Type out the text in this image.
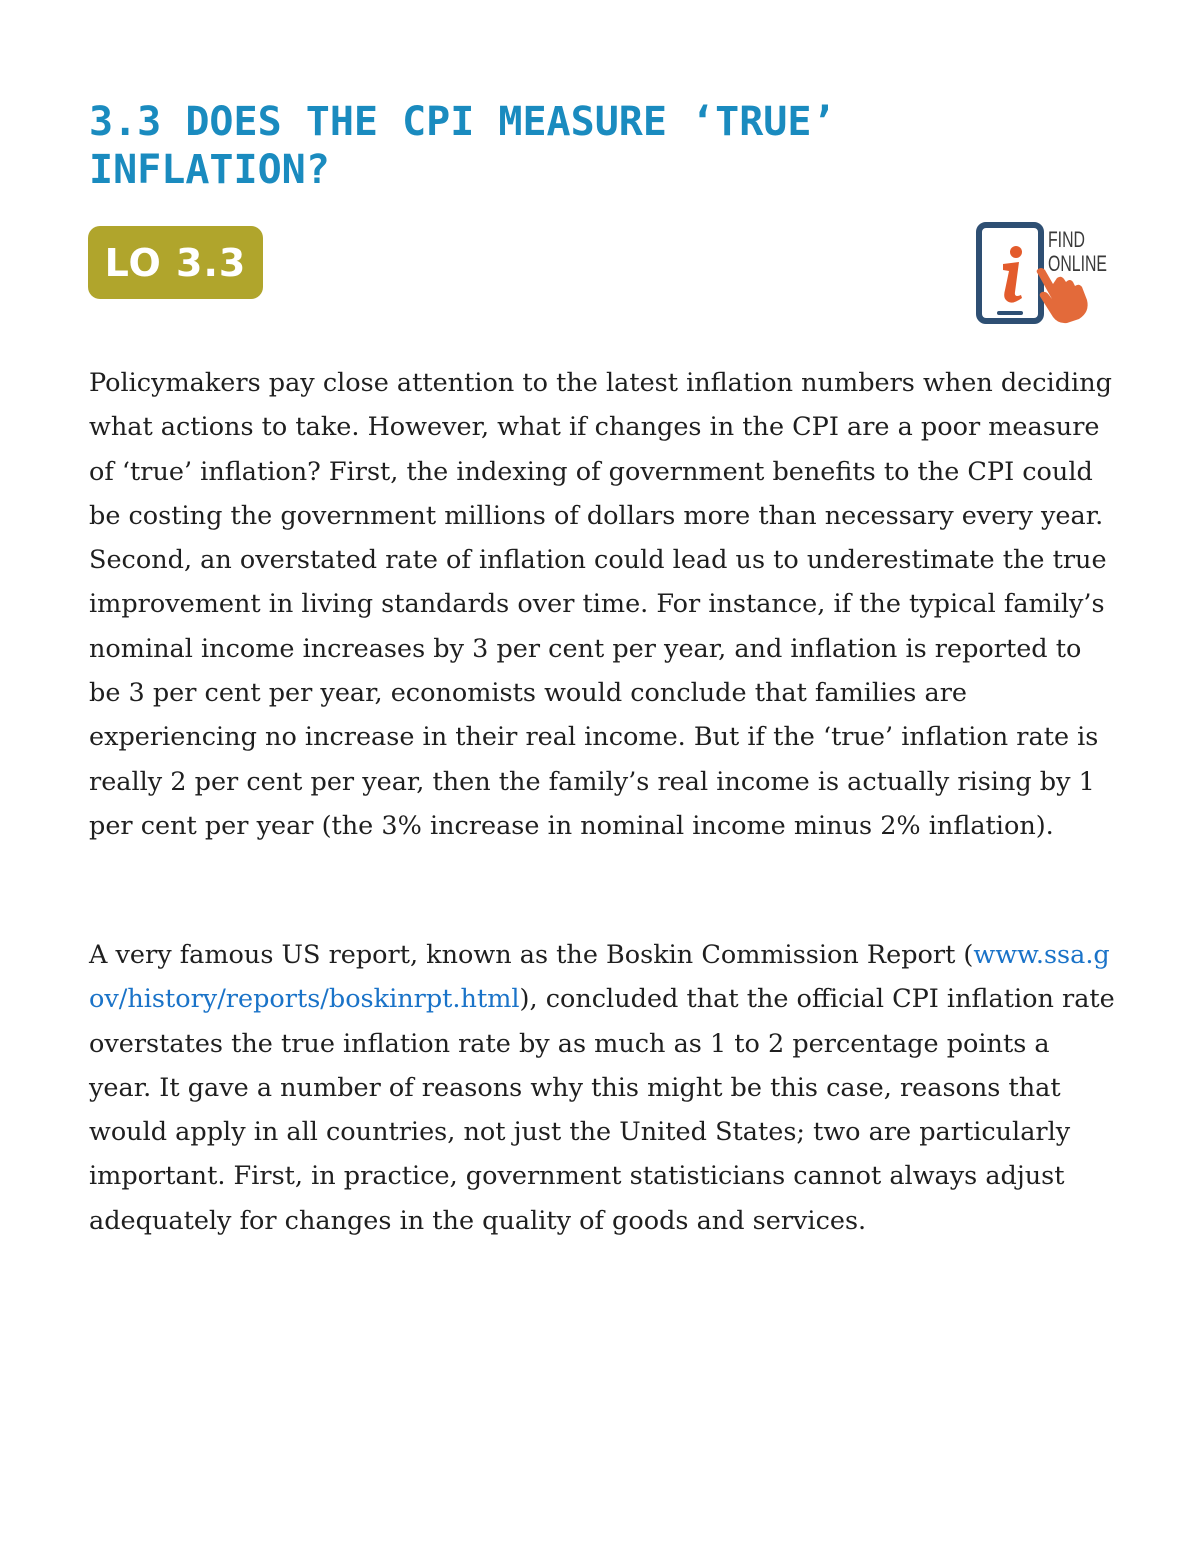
3.3 DOES THE CPI MEASURE ‘TRUE’ INFLATION?
LO 3.3
FIND
ONLINE

Policymakers pay close attention to the latest inflation numbers when deciding what actions to take. However, what if changes in the CPI are a poor measure of ‘true’ inflation? First, the indexing of government benefits to the CPI could be costing the government millions of dollars more than necessary every year. Second, an overstated rate of inflation could lead us to underestimate the true improvement in living standards over time. For instance, if the typical family’s nominal income increases by 3 per cent per year, and inflation is reported to be 3 per cent per year, economists would conclude that families are experiencing no increase in their real income. But if the ‘true’ inflation rate is really 2 per cent per year, then the family’s real income is actually rising by 1 per cent per year (the 3% increase in nominal income minus 2% inflation).

A very famous US report, known as the Boskin Commission Report (www.ssa.gov/history/reports/boskinrpt.html), concluded that the official CPI inflation rate overstates the true inflation rate by as much as 1 to 2 percentage points a year. It gave a number of reasons why this might be this case, reasons that would apply in all countries, not just the United States; two are particularly important. First, in practice, government statisticians cannot always adjust adequately for changes in the quality of goods and services.
